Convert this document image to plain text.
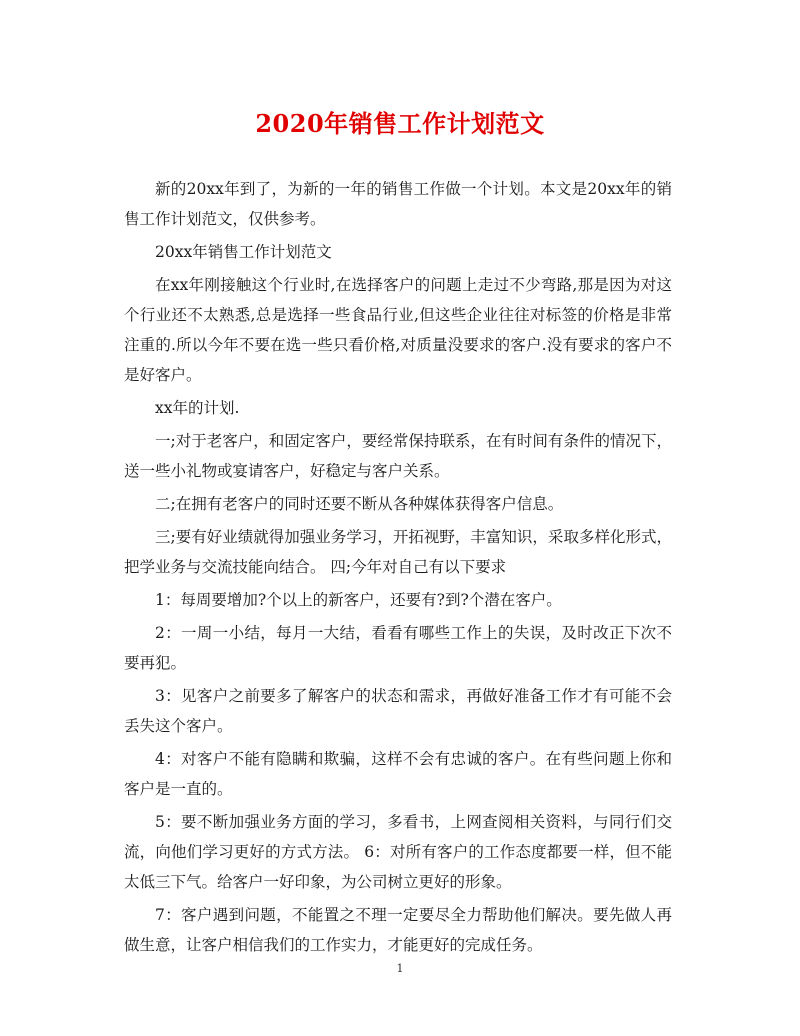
2020年销售工作计划范文

新的20xx年到了，为新的一年的销售工作做一个计划。本文是20xx年的销售工作计划范文，仅供参考。

20xx年销售工作计划范文

在xx年刚接触这个行业时,在选择客户的问题上走过不少弯路,那是因为对这个行业还不太熟悉,总是选择一些食品行业,但这些企业往往对标签的价格是非常注重的.所以今年不要在选一些只看价格,对质量没要求的客户.没有要求的客户不是好客户。

xx年的计划.

一;对于老客户，和固定客户，要经常保持联系，在有时间有条件的情况下，送一些小礼物或宴请客户，好稳定与客户关系。

二;在拥有老客户的同时还要不断从各种媒体获得客户信息。

三;要有好业绩就得加强业务学习，开拓视野，丰富知识，采取多样化形式，把学业务与交流技能向结合。 四;今年对自己有以下要求

1：每周要增加?个以上的新客户，还要有?到?个潜在客户。

2：一周一小结，每月一大结，看看有哪些工作上的失误，及时改正下次不要再犯。

3：见客户之前要多了解客户的状态和需求，再做好准备工作才有可能不会丢失这个客户。

4：对客户不能有隐瞒和欺骗，这样不会有忠诚的客户。在有些问题上你和客户是一直的。

5：要不断加强业务方面的学习，多看书，上网查阅相关资料，与同行们交流，向他们学习更好的方式方法。 6：对所有客户的工作态度都要一样，但不能太低三下气。给客户一好印象，为公司树立更好的形象。

7：客户遇到问题，不能置之不理一定要尽全力帮助他们解决。要先做人再做生意，让客户相信我们的工作实力，才能更好的完成任务。

1
